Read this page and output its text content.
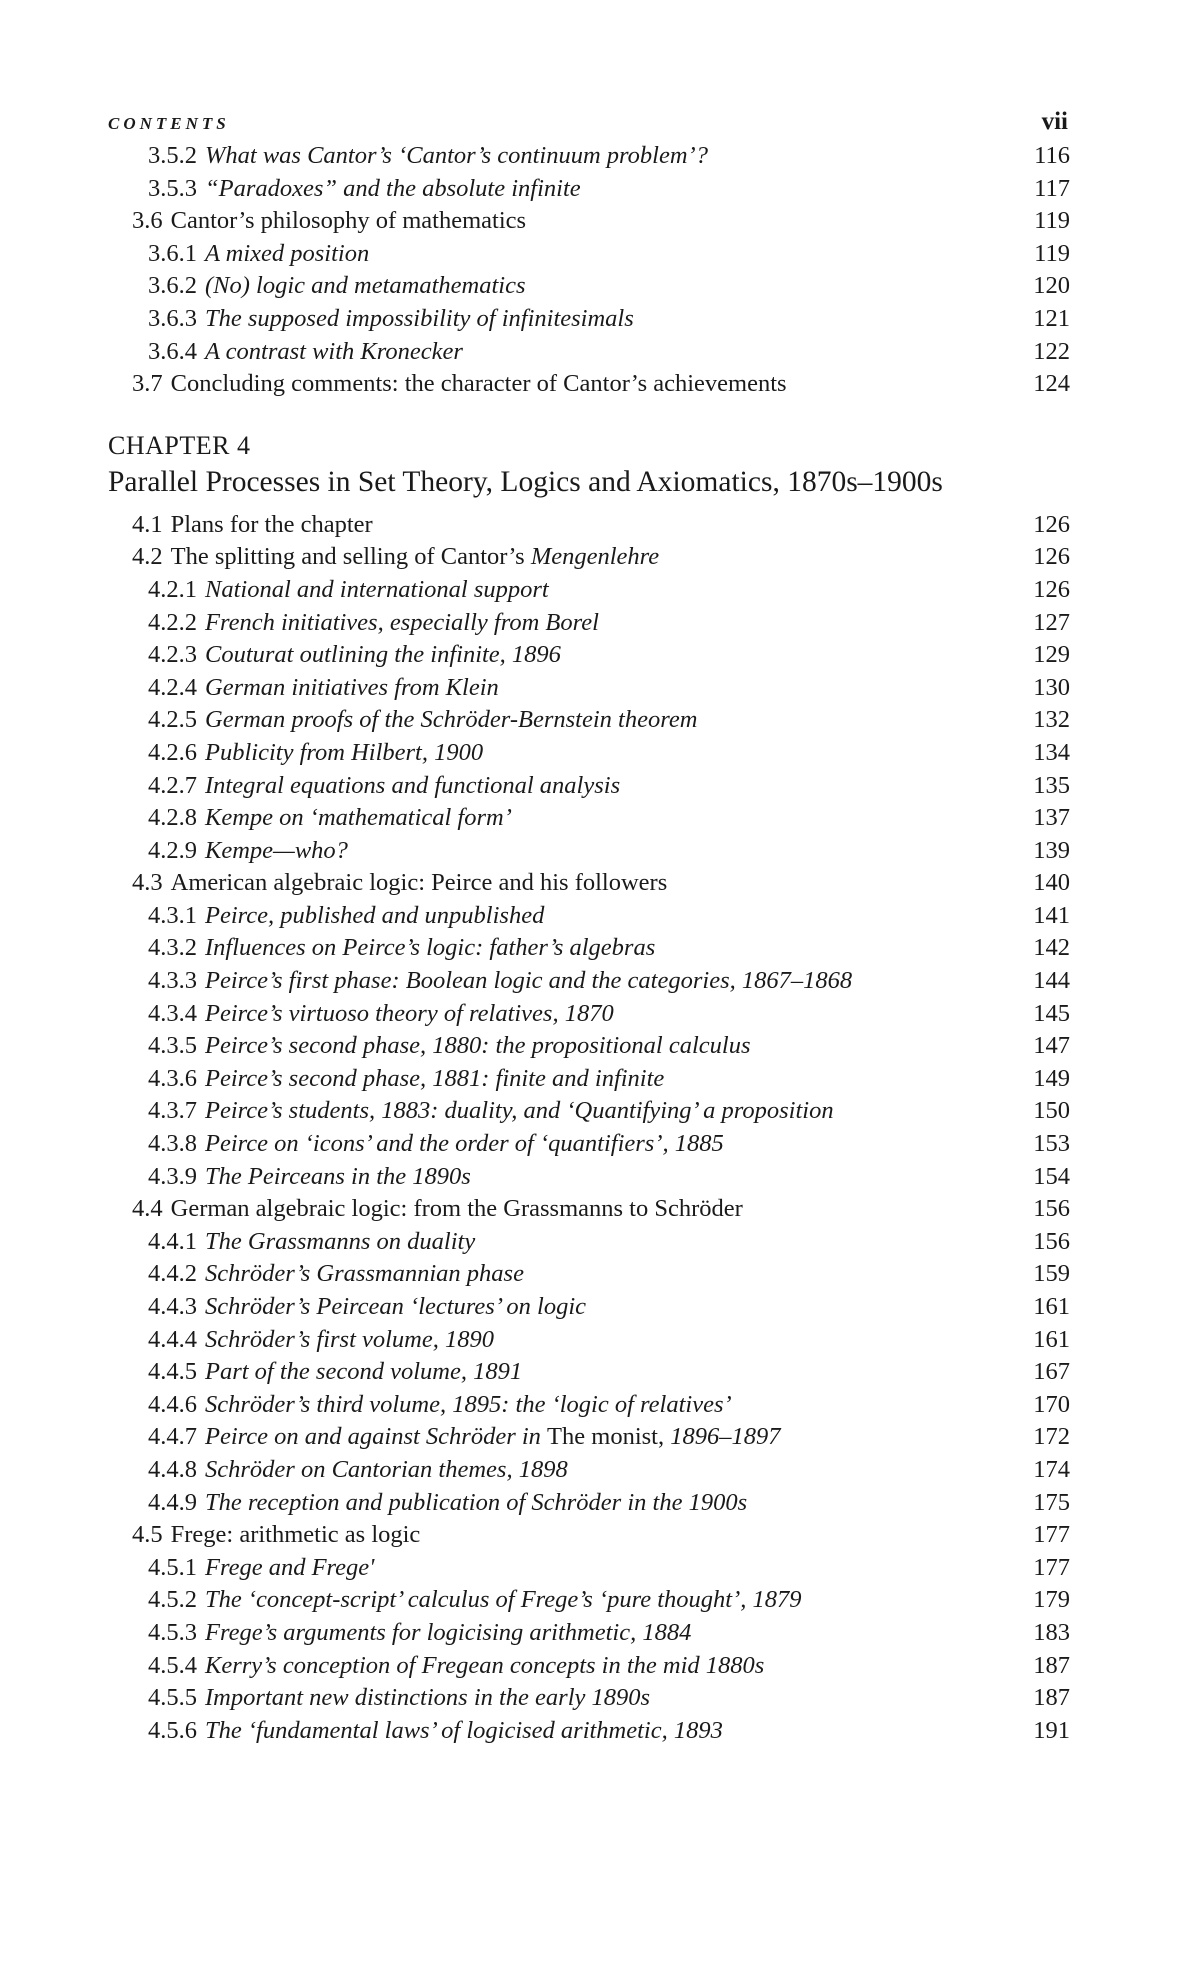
CONTENTS	vii
3.5.2 What was Cantor’s ‘Cantor’s continuum problem’?	116
3.5.3 “Paradoxes” and the absolute infinite	117
3.6 Cantor’s philosophy of mathematics	119
3.6.1 A mixed position	119
3.6.2 (No) logic and metamathematics	120
3.6.3 The supposed impossibility of infinitesimals	121
3.6.4 A contrast with Kronecker	122
3.7 Concluding comments: the character of Cantor’s achievements	124
CHAPTER 4
Parallel Processes in Set Theory, Logics and Axiomatics, 1870s–1900s
4.1 Plans for the chapter	126
4.2 The splitting and selling of Cantor’s Mengenlehre	126
4.2.1 National and international support	126
4.2.2 French initiatives, especially from Borel	127
4.2.3 Couturat outlining the infinite, 1896	129
4.2.4 German initiatives from Klein	130
4.2.5 German proofs of the Schröder-Bernstein theorem	132
4.2.6 Publicity from Hilbert, 1900	134
4.2.7 Integral equations and functional analysis	135
4.2.8 Kempe on ‘mathematical form’	137
4.2.9 Kempe—who?	139
4.3 American algebraic logic: Peirce and his followers	140
4.3.1 Peirce, published and unpublished	141
4.3.2 Influences on Peirce’s logic: father’s algebras	142
4.3.3 Peirce’s first phase: Boolean logic and the categories, 1867–1868	144
4.3.4 Peirce’s virtuoso theory of relatives, 1870	145
4.3.5 Peirce’s second phase, 1880: the propositional calculus	147
4.3.6 Peirce’s second phase, 1881: finite and infinite	149
4.3.7 Peirce’s students, 1883: duality, and ‘Quantifying’ a proposition	150
4.3.8 Peirce on ‘icons’ and the order of ‘quantifiers’, 1885	153
4.3.9 The Peirceans in the 1890s	154
4.4 German algebraic logic: from the Grassmanns to Schröder	156
4.4.1 The Grassmanns on duality	156
4.4.2 Schröder’s Grassmannian phase	159
4.4.3 Schröder’s Peircean ‘lectures’ on logic	161
4.4.4 Schröder’s first volume, 1890	161
4.4.5 Part of the second volume, 1891	167
4.4.6 Schröder’s third volume, 1895: the ‘logic of relatives’	170
4.4.7 Peirce on and against Schröder in The monist, 1896–1897	172
4.4.8 Schröder on Cantorian themes, 1898	174
4.4.9 The reception and publication of Schröder in the 1900s	175
4.5 Frege: arithmetic as logic	177
4.5.1 Frege and Frege'	177
4.5.2 The ‘concept-script’ calculus of Frege’s ‘pure thought’, 1879	179
4.5.3 Frege’s arguments for logicising arithmetic, 1884	183
4.5.4 Kerry’s conception of Fregean concepts in the mid 1880s	187
4.5.5 Important new distinctions in the early 1890s	187
4.5.6 The ‘fundamental laws’ of logicised arithmetic, 1893	191
